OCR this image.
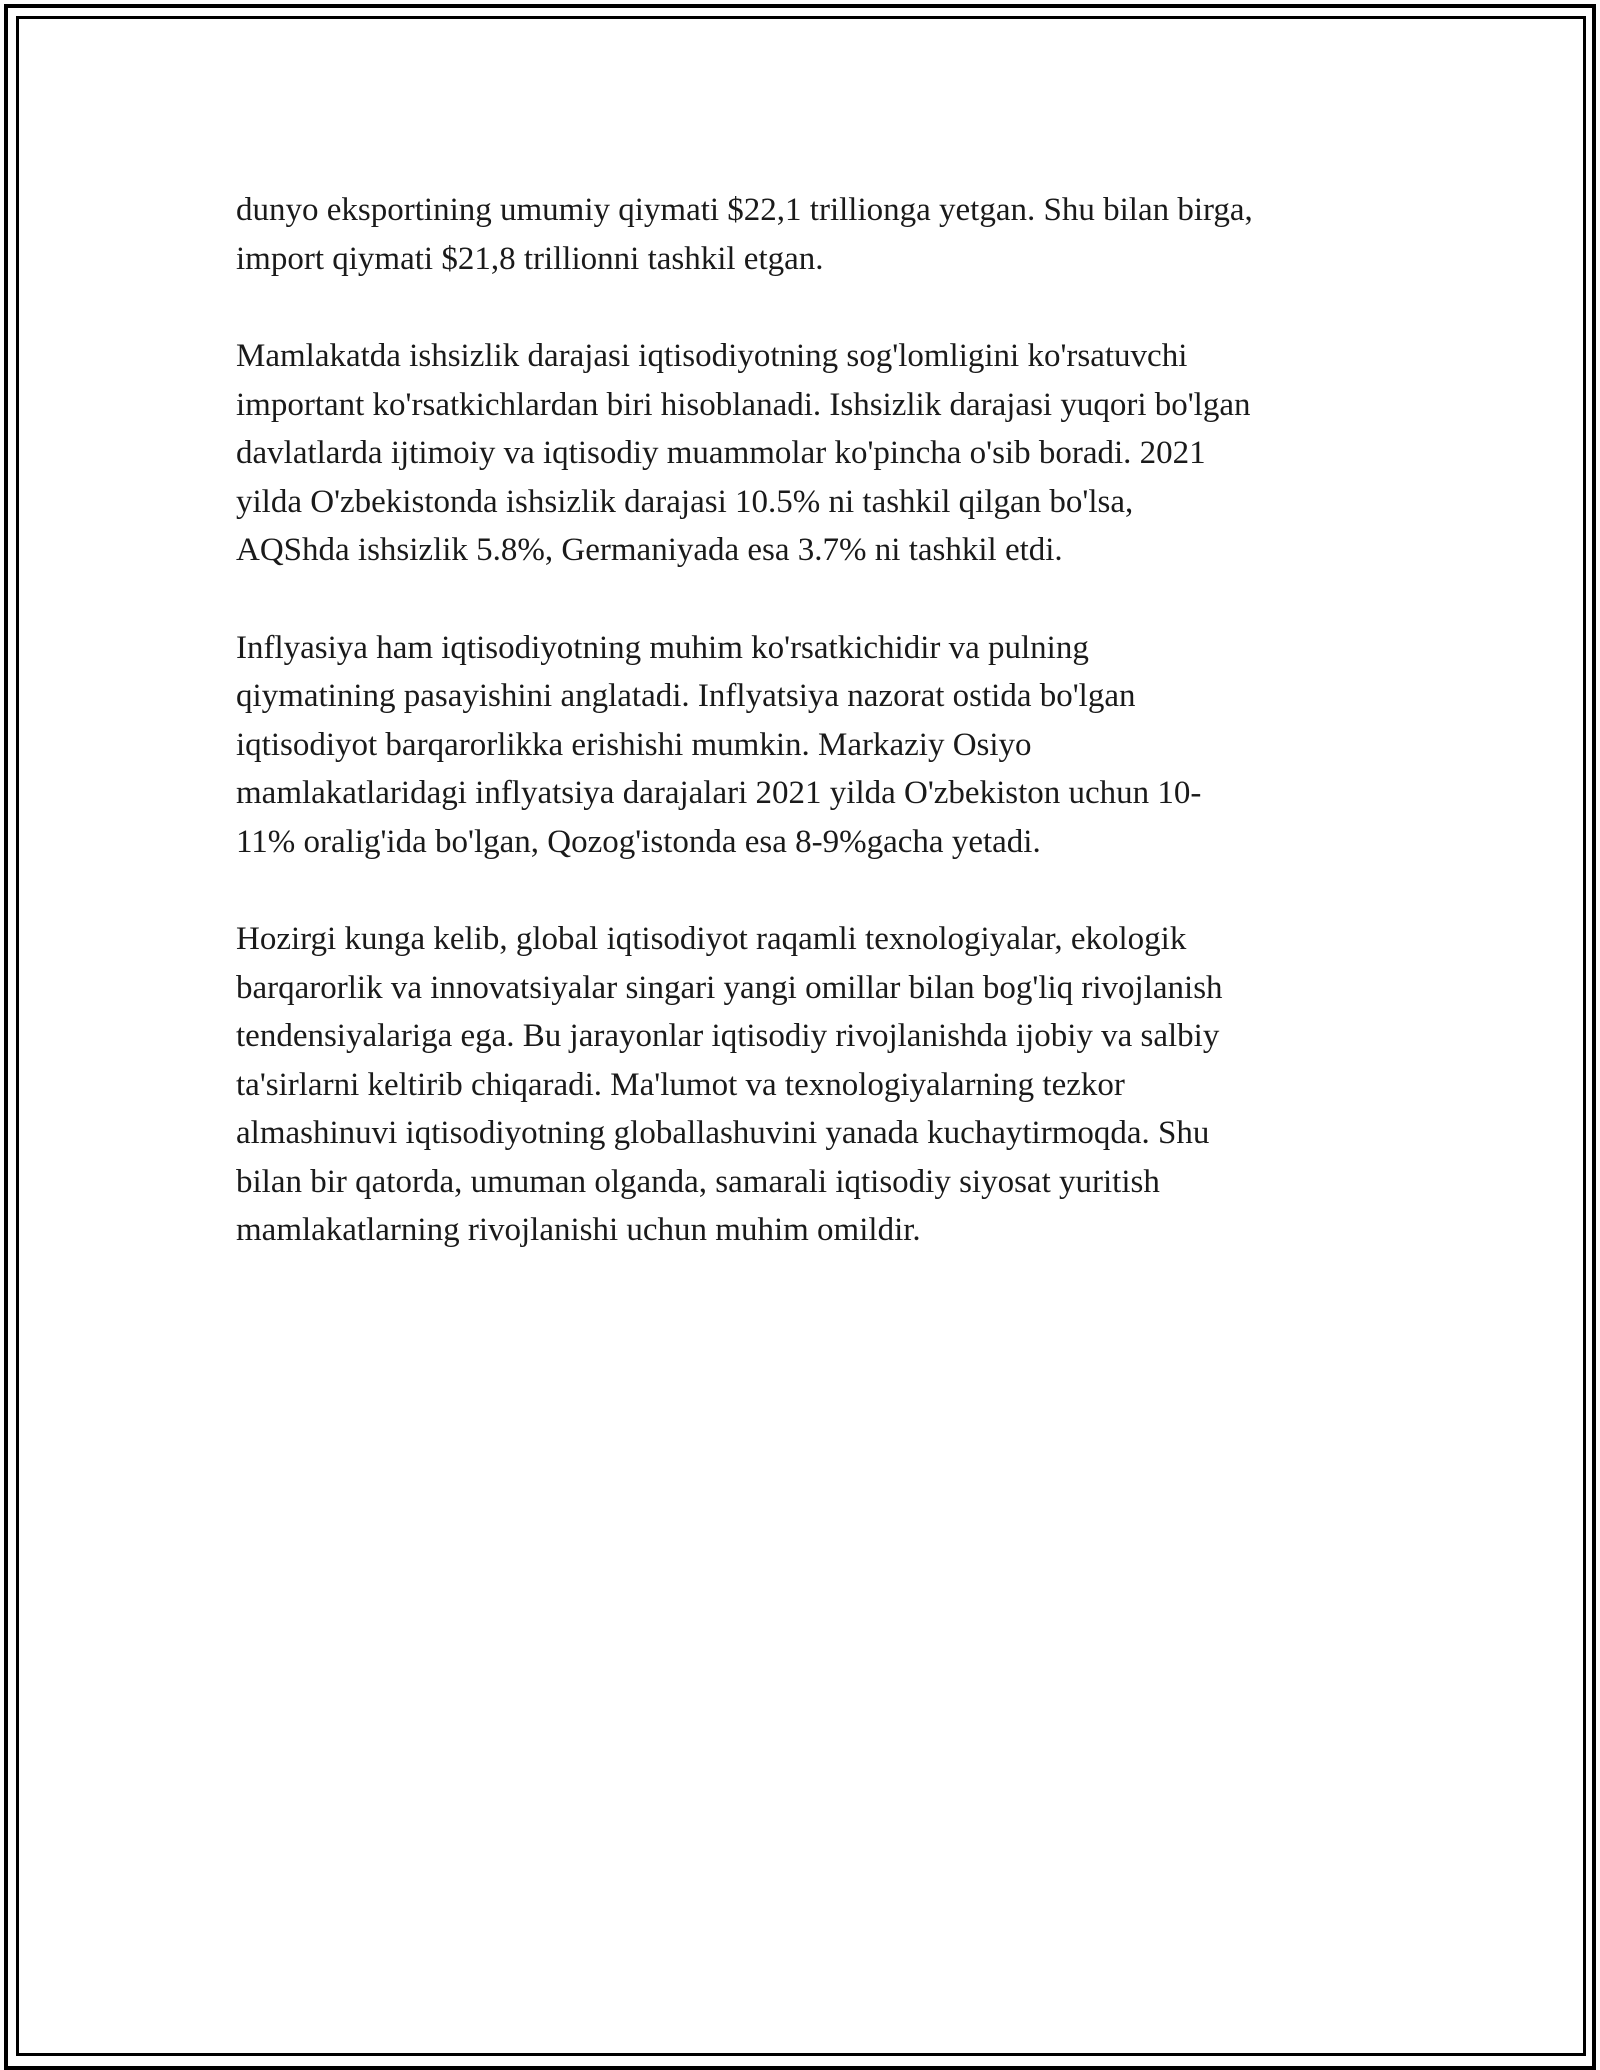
dunyo eksportining umumiy qiymati $22,1 trillionga yetgan. Shu bilan birga,
import qiymati $21,8 trillionni tashkil etgan.

Mamlakatda ishsizlik darajasi iqtisodiyotning sog'lomligini ko'rsatuvchi
important ko'rsatkichlardan biri hisoblanadi. Ishsizlik darajasi yuqori bo'lgan
davlatlarda ijtimoiy va iqtisodiy muammolar ko'pincha o'sib boradi. 2021
yilda O'zbekistonda ishsizlik darajasi 10.5% ni tashkil qilgan bo'lsa,
AQShda ishsizlik 5.8%, Germaniyada esa 3.7% ni tashkil etdi.

Inflyasiya ham iqtisodiyotning muhim ko'rsatkichidir va pulning
qiymatining pasayishini anglatadi. Inflyatsiya nazorat ostida bo'lgan
iqtisodiyot barqarorlikka erishishi mumkin. Markaziy Osiyo
mamlakatlaridagi inflyatsiya darajalari 2021 yilda O'zbekiston uchun 10-
11% oralig'ida bo'lgan, Qozog'istonda esa 8-9%gacha yetadi.

Hozirgi kunga kelib, global iqtisodiyot raqamli texnologiyalar, ekologik
barqarorlik va innovatsiyalar singari yangi omillar bilan bog'liq rivojlanish
tendensiyalariga ega. Bu jarayonlar iqtisodiy rivojlanishda ijobiy va salbiy
ta'sirlarni keltirib chiqaradi. Ma'lumot va texnologiyalarning tezkor
almashinuvi iqtisodiyotning globallashuvini yanada kuchaytirmoqda. Shu
bilan bir qatorda, umuman olganda, samarali iqtisodiy siyosat yuritish
mamlakatlarning rivojlanishi uchun muhim omildir.
